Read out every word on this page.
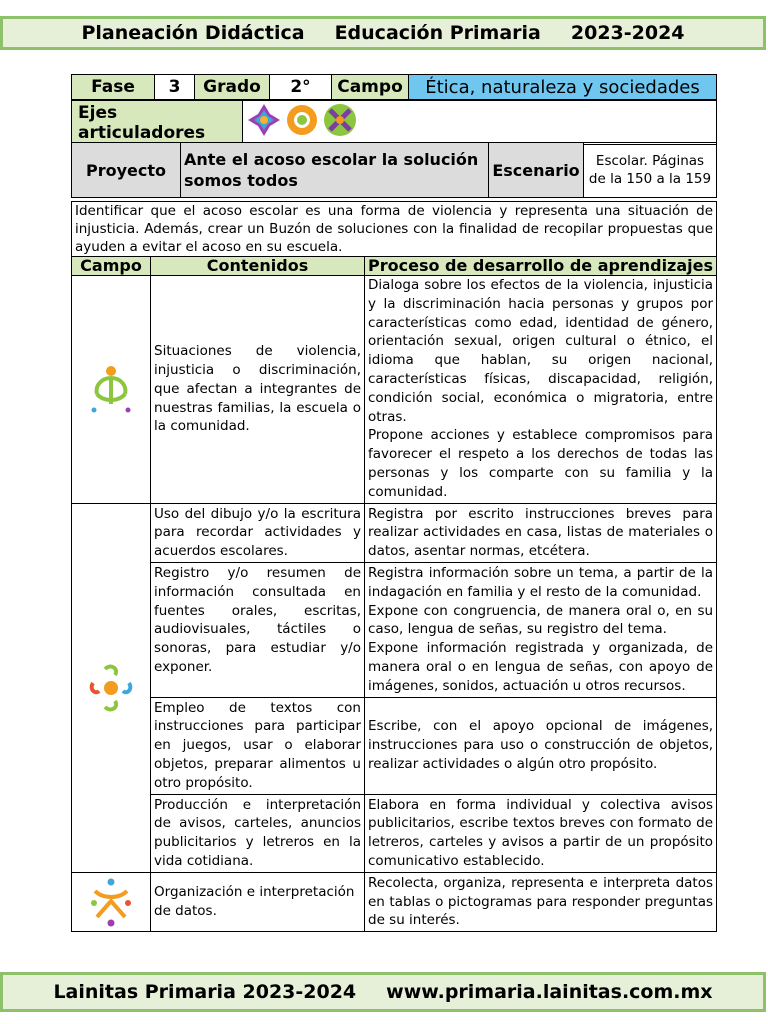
Planeación Didáctica Educación Primaria 2023-2024
Fase	3	Grado	2°	Campo	Ética, naturaleza y sociedades
Ejes articuladores	
Proyecto	Ante el acoso escolar la solución somos todos	Escenario	Escolar. Páginas de la 150 a la 159
Identificar que el acoso escolar es una forma de violencia y representa una situación de injusticia. Además, crear un Buzón de soluciones con la finalidad de recopilar propuestas que ayuden a evitar el acoso en su escuela.		
Campo	Contenidos	Proceso de desarrollo de aprendizajes

	Situaciones de violencia, injusticia o discriminación, que afectan a integrantes de nuestras familias, la escuela o la comunidad.	Dialoga sobre los efectos de la violencia, injusticia y la discriminación hacia personas y grupos por características como edad, identidad de género, orientación sexual, origen cultural o étnico, el idioma que hablan, su origen nacional, características físicas, discapacidad, religión, condición social, económica o migratoria, entre otras.
Propone acciones y establece compromisos para favorecer el respeto a los derechos de todas las personas y los comparte con su familia y la comunidad.

	Uso del dibujo y/o la escritura para recordar actividades y acuerdos escolares.	Registra por escrito instrucciones breves para realizar actividades en casa, listas de materiales o datos, asentar normas, etcétera.
	Registro y/o resumen de información consultada en fuentes orales, escritas, audiovisuales, táctiles o sonoras, para estudiar y/o exponer.	Registra información sobre un tema, a partir de la indagación en familia y el resto de la comunidad.
Expone con congruencia, de manera oral o, en su caso, lengua de señas, su registro del tema.
Expone información registrada y organizada, de manera oral o en lengua de señas, con apoyo de imágenes, sonidos, actuación u otros recursos.

	Empleo de textos con instrucciones para participar en juegos, usar o elaborar objetos, preparar alimentos u otro propósito.	Escribe, con el apoyo opcional de imágenes, instrucciones para uso o construcción de objetos, realizar actividades o algún otro propósito.
	Producción e interpretación de avisos, carteles, anuncios publicitarios y letreros en la vida cotidiana.	Elabora en forma individual y colectiva avisos publicitarios, escribe textos breves con formato de letreros, carteles y avisos a partir de un propósito comunicativo establecido.

	Organización e interpretación de datos.	Recolecta, organiza, representa e interpreta datos en tablas o pictogramas para responder preguntas de su interés.
Lainitas Primaria 2023-2024 www.primaria.lainitas.com.mx
